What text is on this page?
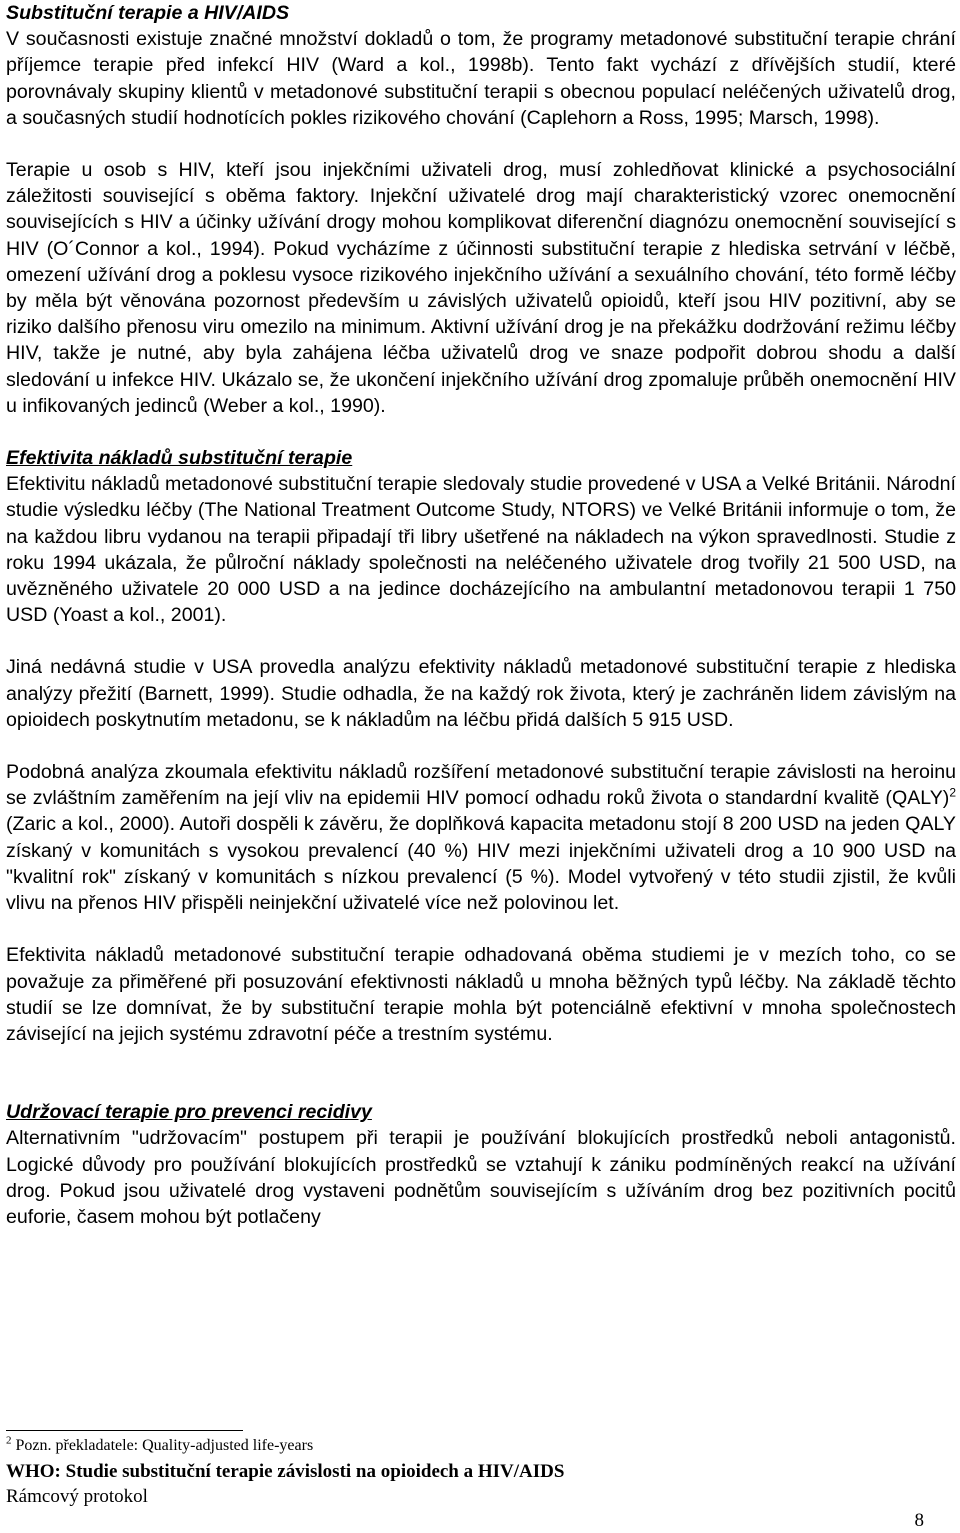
Substituční terapie a HIV/AIDS

V současnosti existuje značné množství dokladů o tom, že programy metadonové substituční terapie chrání příjemce terapie před infekcí HIV (Ward a kol., 1998b). Tento fakt vychází z dřívějších studií, které porovnávaly skupiny klientů v metadonové substituční terapii s obecnou populací neléčených uživatelů drog, a současných studií hodnotících pokles rizikového chování (Caplehorn a Ross, 1995; Marsch, 1998).

Terapie u osob s HIV, kteří jsou injekčními uživateli drog, musí zohledňovat klinické a psychosociální záležitosti související s oběma faktory. Injekční uživatelé drog mají charakteristický vzorec onemocnění souvisejících s HIV a účinky užívání drogy mohou komplikovat diferenční diagnózu onemocnění související s HIV (O´Connor a kol., 1994). Pokud vycházíme z účinnosti substituční terapie z hlediska setrvání v léčbě, omezení užívání drog a poklesu vysoce rizikového injekčního užívání a sexuálního chování, této formě léčby by měla být věnována pozornost především u závislých uživatelů opioidů, kteří jsou HIV pozitivní, aby se riziko dalšího přenosu viru omezilo na minimum. Aktivní užívání drog je na překážku dodržování režimu léčby HIV, takže je nutné, aby byla zahájena léčba uživatelů drog ve snaze podpořit dobrou shodu a další sledování u infekce HIV. Ukázalo se, že ukončení injekčního užívání drog zpomaluje průběh onemocnění HIV u infikovaných jedinců (Weber a kol., 1990).

Efektivita nákladů substituční terapie

Efektivitu nákladů metadonové substituční terapie sledovaly studie provedené v USA a Velké Británii. Národní studie výsledku léčby (The National Treatment Outcome Study, NTORS) ve Velké Británii informuje o tom, že na každou libru vydanou na terapii připadají tři libry ušetřené na nákladech na výkon spravedlnosti. Studie z roku 1994 ukázala, že půlroční náklady společnosti na neléčeného uživatele drog tvořily 21 500 USD, na uvězněného uživatele 20 000 USD a na jedince docházejícího na ambulantní metadonovou terapii 1 750 USD (Yoast a kol., 2001).

Jiná nedávná studie v USA provedla analýzu efektivity nákladů metadonové substituční terapie z hlediska analýzy přežití (Barnett, 1999). Studie odhadla, že na každý rok života, který je zachráněn lidem závislým na opioidech poskytnutím metadonu, se k nákladům na léčbu přidá dalších 5 915 USD.

Podobná analýza zkoumala efektivitu nákladů rozšíření metadonové substituční terapie závislosti na heroinu se zvláštním zaměřením na její vliv na epidemii HIV pomocí odhadu roků života o standardní kvalitě (QALY)$^2$ (Zaric a kol., 2000). Autoři dospěli k závěru, že doplňková kapacita metadonu stojí 8 200 USD na jeden QALY získaný v komunitách s vysokou prevalencí (40 %) HIV mezi injekčními uživateli drog a 10 900 USD na "kvalitní rok" získaný v komunitách s nízkou prevalencí (5 %). Model vytvořený v této studii zjistil, že kvůli vlivu na přenos HIV přispěli neinjekční uživatelé více než polovinou let.

Efektivita nákladů metadonové substituční terapie odhadovaná oběma studiemi je v mezích toho, co se považuje za přiměřené při posuzování efektivnosti nákladů u mnoha běžných typů léčby. Na základě těchto studií se lze domnívat, že by substituční terapie mohla být potenciálně efektivní v mnoha společnostech závisející na jejich systému zdravotní péče a trestním systému.

Udržovací terapie pro prevenci recidivy

Alternativním "udržovacím" postupem při terapii je používání blokujících prostředků neboli antagonistů. Logické důvody pro používání blokujících prostředků se vztahují k zániku podmíněných reakcí na užívání drog. Pokud jsou uživatelé drog vystaveni podnětům souvisejícím s užíváním drog bez pozitivních pocitů euforie, časem mohou být potlačeny

$^2$ Pozn. překladatele: Quality-adjusted life-years
WHO: Studie substituční terapie závislosti na opioidech a HIV/AIDS
Rámcový protokol
8
